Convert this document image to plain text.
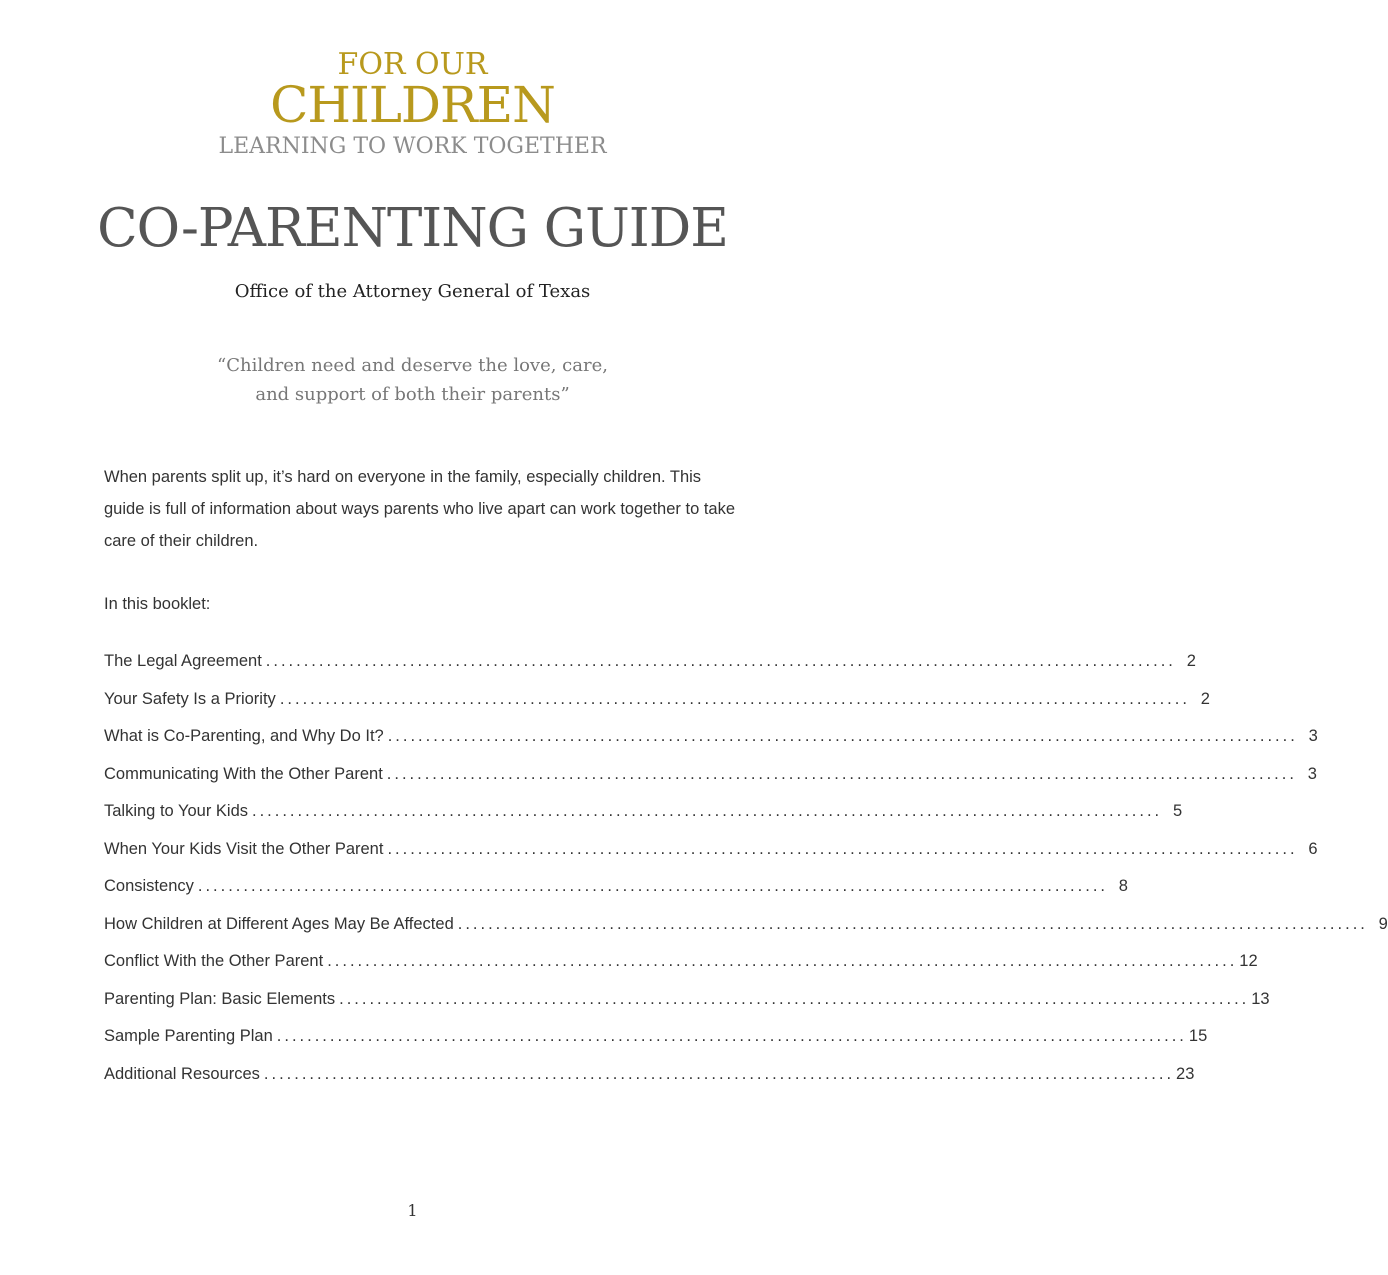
FOR OUR
CHILDREN
LEARNING TO WORK TOGETHER
CO-PARENTING GUIDE
Office of the Attorney General of Texas
“Children need and deserve the love, care,
and support of both their parents”
When parents split up, it’s hard on everyone in the family, especially children. This guide is full of information about ways parents who live apart can work together to take care of their children.
In this booklet:
The Legal Agreement ........................................................................................................................ 2
Your Safety Is a Priority ........................................................................................................................ 2
What is Co-Parenting, and Why Do It? ........................................................................................................................ 3
Communicating With the Other Parent ........................................................................................................................ 3
Talking to Your Kids ........................................................................................................................ 5
When Your Kids Visit the Other Parent ........................................................................................................................ 6
Consistency ........................................................................................................................ 8
How Children at Different Ages May Be Affected ........................................................................................................................ 9
Conflict With the Other Parent ........................................................................................................................ 12
Parenting Plan: Basic Elements ........................................................................................................................ 13
Sample Parenting Plan ........................................................................................................................ 15
Additional Resources ........................................................................................................................ 23
1
